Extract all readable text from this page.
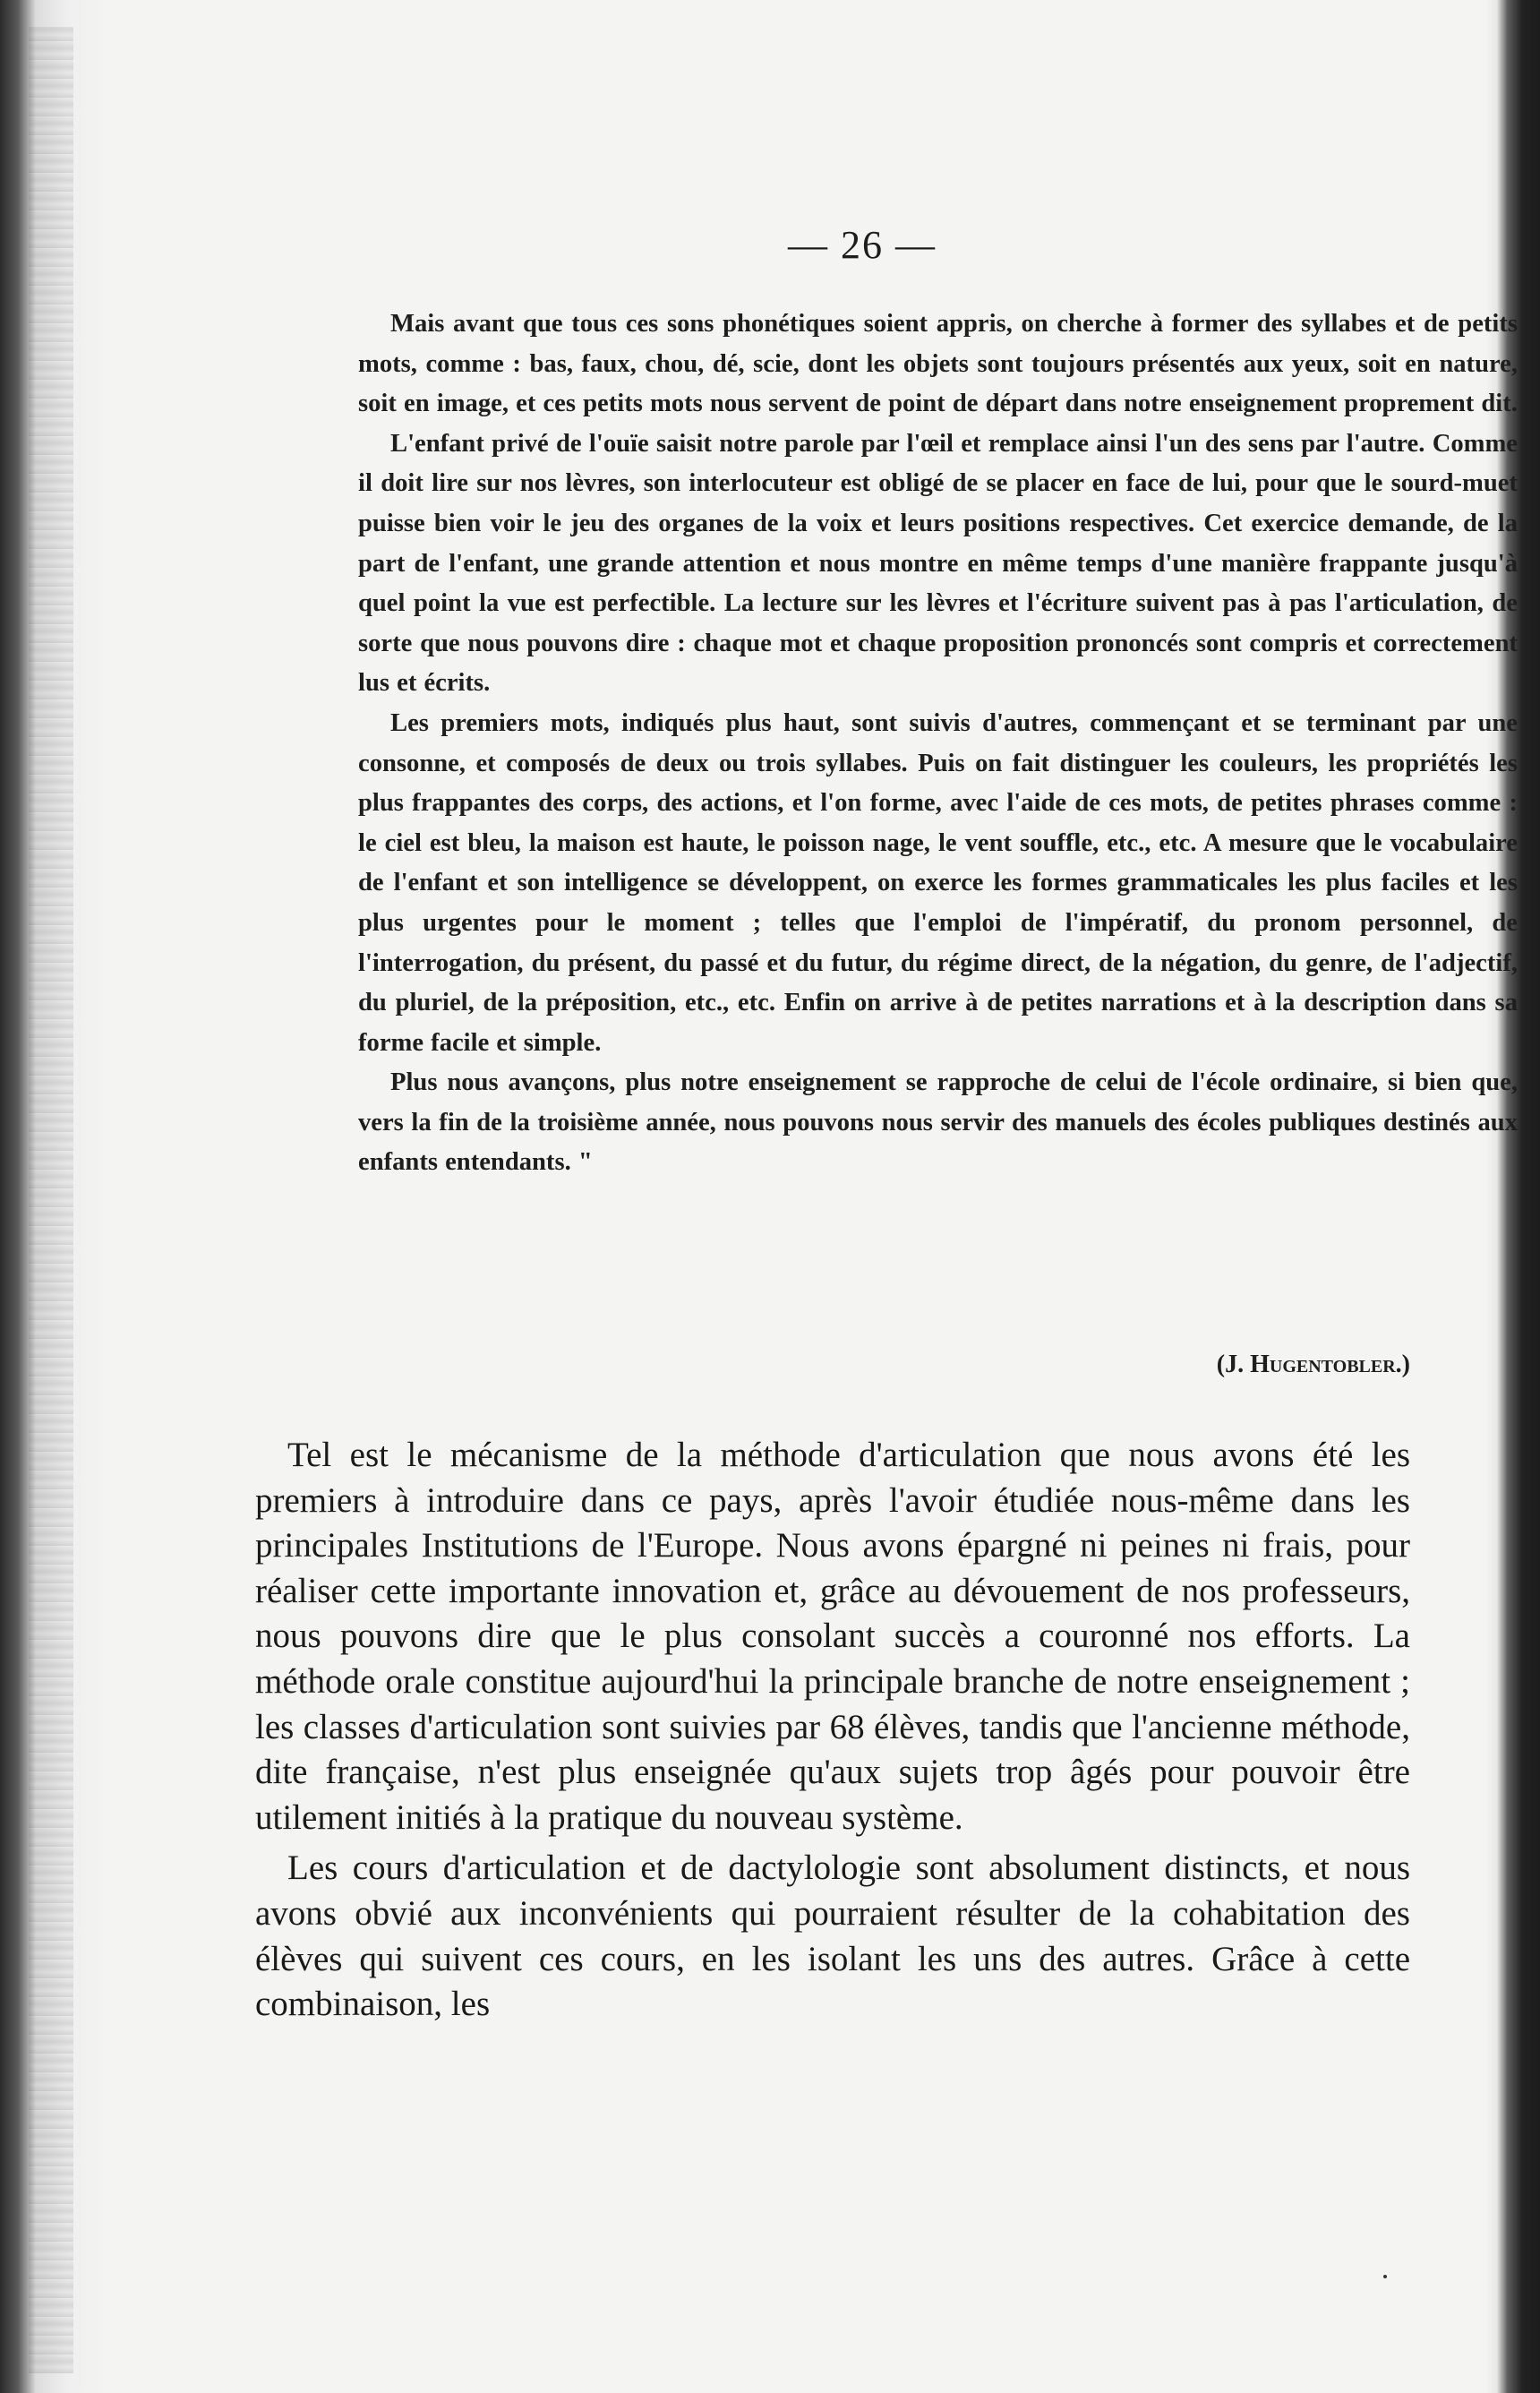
— 26 —

Mais avant que tous ces sons phonétiques soient appris, on cherche à former des syllabes et de petits mots, comme : bas, faux, chou, dé, scie, dont les objets sont toujours présentés aux yeux, soit en nature, soit en image, et ces petits mots nous servent de point de départ dans notre enseignement proprement dit.

L'enfant privé de l'ouïe saisit notre parole par l'œil et remplace ainsi l'un des sens par l'autre. Comme il doit lire sur nos lèvres, son interlocuteur est obligé de se placer en face de lui, pour que le sourd-muet puisse bien voir le jeu des organes de la voix et leurs positions respectives. Cet exercice demande, de la part de l'enfant, une grande attention et nous montre en même temps d'une manière frappante jusqu'à quel point la vue est perfectible. La lecture sur les lèvres et l'écriture suivent pas à pas l'articulation, de sorte que nous pouvons dire : chaque mot et chaque proposition prononcés sont compris et correctement lus et écrits.

Les premiers mots, indiqués plus haut, sont suivis d'autres, commençant et se terminant par une consonne, et composés de deux ou trois syllabes. Puis on fait distinguer les couleurs, les propriétés les plus frappantes des corps, des actions, et l'on forme, avec l'aide de ces mots, de petites phrases comme : le ciel est bleu, la maison est haute, le poisson nage, le vent souffle, etc., etc. A mesure que le vocabulaire de l'enfant et son intelligence se développent, on exerce les formes grammaticales les plus faciles et les plus urgentes pour le moment ; telles que l'emploi de l'impératif, du pronom personnel, de l'interrogation, du présent, du passé et du futur, du régime direct, de la négation, du genre, de l'adjectif, du pluriel, de la préposition, etc., etc. Enfin on arrive à de petites narrations et à la description dans sa forme facile et simple.

Plus nous avançons, plus notre enseignement se rapproche de celui de l'école ordinaire, si bien que, vers la fin de la troisième année, nous pouvons nous servir des manuels des écoles publiques destinés aux enfants entendants. "

(J. Hugentobler.)

Tel est le mécanisme de la méthode d'articulation que nous avons été les premiers à introduire dans ce pays, après l'avoir étudiée nous-même dans les principales Institutions de l'Europe. Nous avons épargné ni peines ni frais, pour réaliser cette importante innovation et, grâce au dévouement de nos professeurs, nous pouvons dire que le plus consolant succès a couronné nos efforts. La méthode orale constitue aujourd'hui la principale branche de notre enseignement ; les classes d'articulation sont suivies par 68 élèves, tandis que l'ancienne méthode, dite française, n'est plus enseignée qu'aux sujets trop âgés pour pouvoir être utilement initiés à la pratique du nouveau système.

Les cours d'articulation et de dactylologie sont absolument distincts, et nous avons obvié aux inconvénients qui pourraient résulter de la cohabitation des élèves qui suivent ces cours, en les isolant les uns des autres. Grâce à cette combinaison, les
